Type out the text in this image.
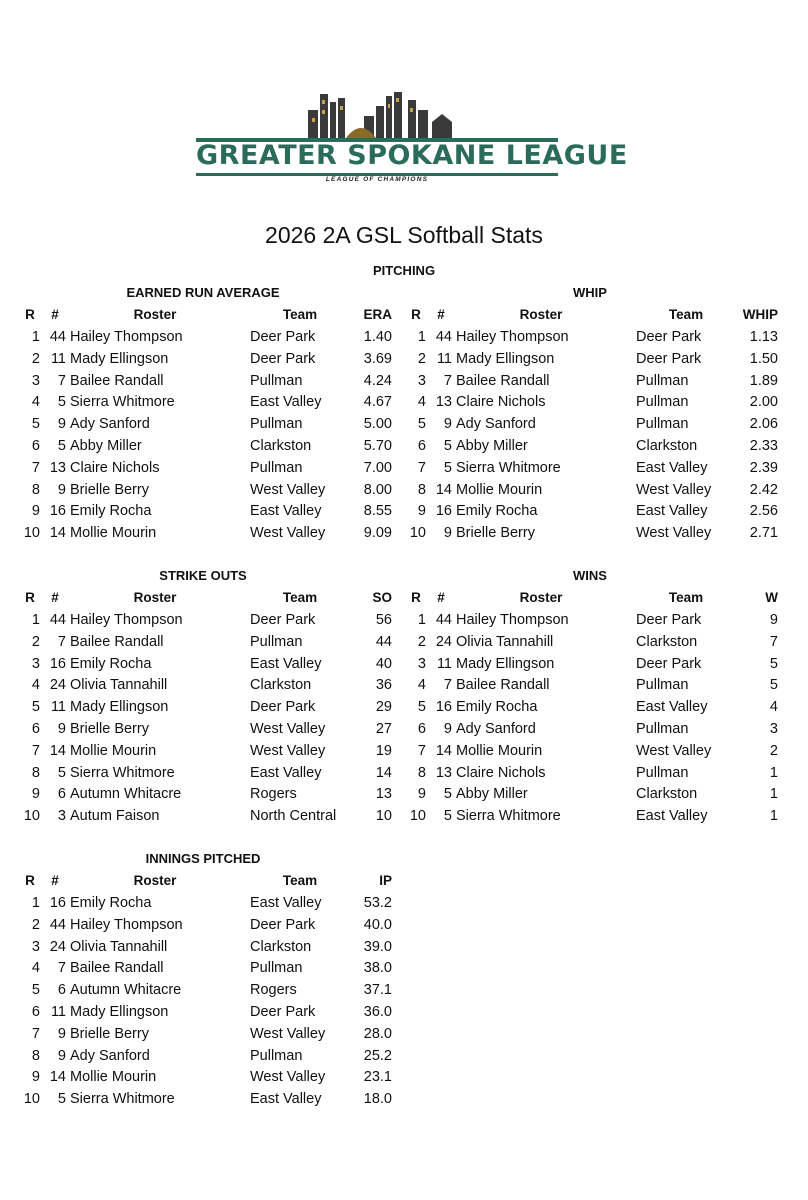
GREATER SPOKANE LEAGUE
LEAGUE OF CHAMPIONS
2026 2A GSL Softball Stats
PITCHING
EARNED RUN AVERAGE
R	#	Roster	Team	ERA
1 44 Hailey Thompson	Deer Park	1.40
2 11 Mady Ellingson	Deer Park	3.69
3	7 Bailee Randall	Pullman	4.24
4	5 Sierra Whitmore	East Valley	4.67
5	9 Ady Sanford	Pullman	5.00
6	5 Abby Miller	Clarkston	5.70
7 13 Claire Nichols	Pullman	7.00
8	9 Brielle Berry	West Valley	8.00
9 16 Emily Rocha	East Valley	8.55
10 14 Mollie Mourin	West Valley	9.09
WHIP
R	#	Roster	Team	WHIP
1 44 Hailey Thompson	Deer Park	1.13
2 11 Mady Ellingson	Deer Park	1.50
3	7 Bailee Randall	Pullman	1.89
4 13 Claire Nichols	Pullman	2.00
5	9 Ady Sanford	Pullman	2.06
6	5 Abby Miller	Clarkston	2.33
7	5 Sierra Whitmore	East Valley	2.39
8 14 Mollie Mourin	West Valley	2.42
9 16 Emily Rocha	East Valley	2.56
10	9 Brielle Berry	West Valley	2.71
STRIKE OUTS
R	#	Roster	Team	SO
1 44 Hailey Thompson	Deer Park	56
2	7 Bailee Randall	Pullman	44
3 16 Emily Rocha	East Valley	40
4 24 Olivia Tannahill	Clarkston	36
5 11 Mady Ellingson	Deer Park	29
6	9 Brielle Berry	West Valley	27
7 14 Mollie Mourin	West Valley	19
8	5 Sierra Whitmore	East Valley	14
9	6 Autumn Whitacre	Rogers	13
10	3 Autum Faison	North Central	10
WINS
R	#	Roster	Team	W
1 44 Hailey Thompson	Deer Park	9
2 24 Olivia Tannahill	Clarkston	7
3 11 Mady Ellingson	Deer Park	5
4	7 Bailee Randall	Pullman	5
5 16 Emily Rocha	East Valley	4
6	9 Ady Sanford	Pullman	3
7 14 Mollie Mourin	West Valley	2
8 13 Claire Nichols	Pullman	1
9	5 Abby Miller	Clarkston	1
10	5 Sierra Whitmore	East Valley	1
INNINGS PITCHED
R	#	Roster	Team	IP
1 16 Emily Rocha	East Valley	53.2
2 44 Hailey Thompson	Deer Park	40.0
3 24 Olivia Tannahill	Clarkston	39.0
4	7 Bailee Randall	Pullman	38.0
5	6 Autumn Whitacre	Rogers	37.1
6 11 Mady Ellingson	Deer Park	36.0
7	9 Brielle Berry	West Valley	28.0
8	9 Ady Sanford	Pullman	25.2
9 14 Mollie Mourin	West Valley	23.1
10	5 Sierra Whitmore	East Valley	18.0
